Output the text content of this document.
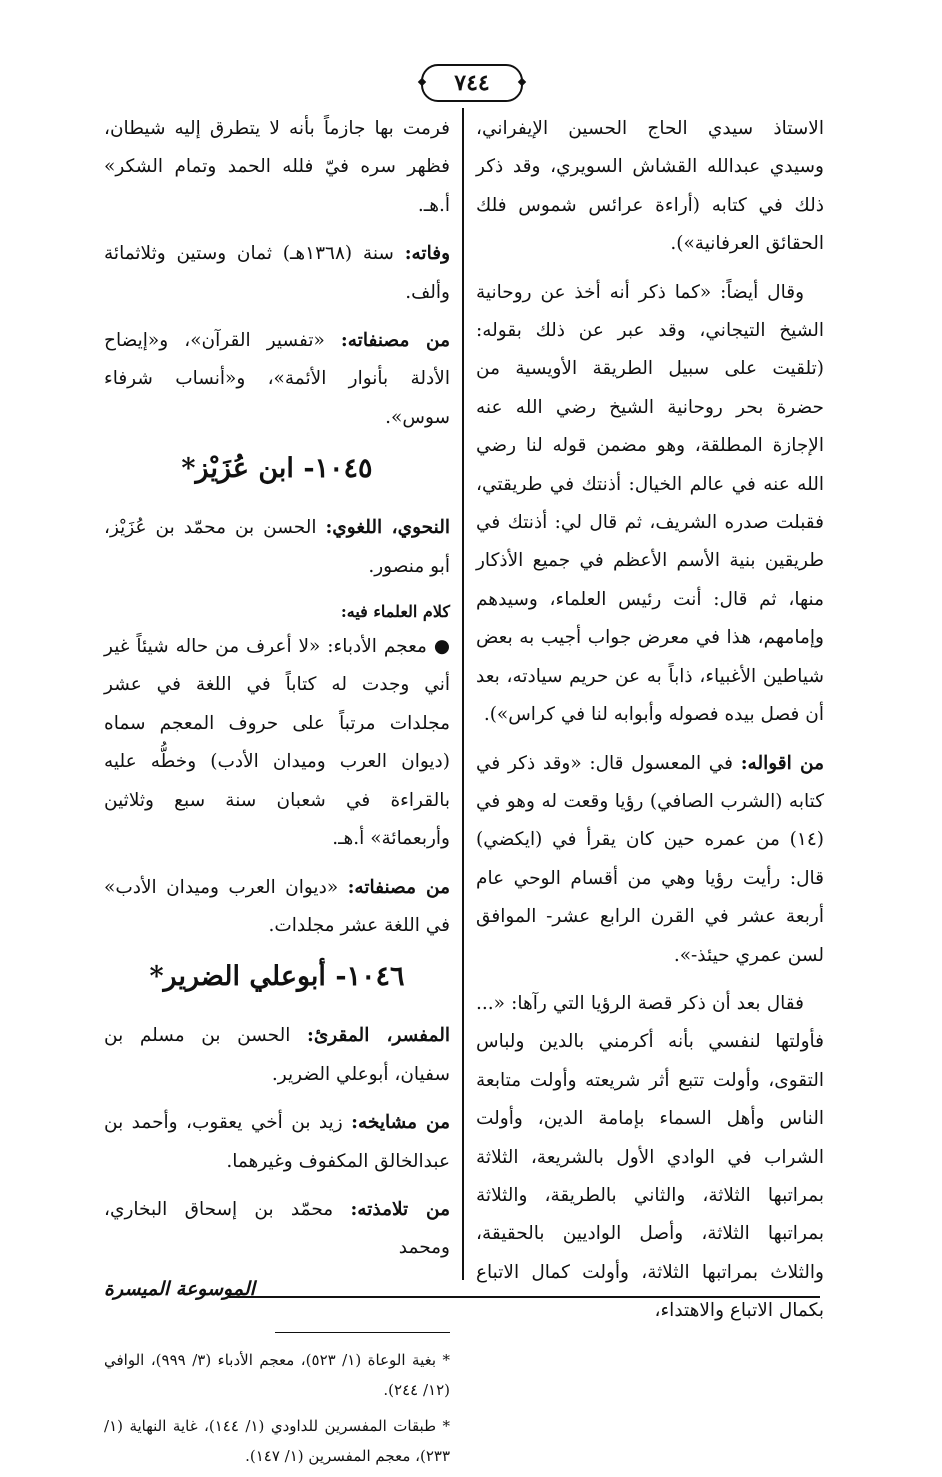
٧٤٤

الاستاذ سيدي الحاج الحسين الإيفراني، وسيدي عبدالله القشاش السويري، وقد ذكر ذلك في كتابه (أراءة عرائس شموس فلك الحقائق العرفانية»).

وقال أيضاً: «كما ذكر أنه أخذ عن روحانية الشيخ التيجاني، وقد عبر عن ذلك بقوله: (تلقيت على سبيل الطريقة الأويسية من حضرة بحر روحانية الشيخ رضي الله عنه الإجازة المطلقة، وهو مضمن قوله لنا رضي الله عنه في عالم الخيال: أذنتك في طريقتي، فقبلت صدره الشريف، ثم قال لي: أذنتك في طريقين بنية الأسم الأعظم في جميع الأذكار منها، ثم قال: أنت رئيس العلماء، وسيدهم وإمامهم، هذا في معرض جواب أجيب به بعض شياطين الأغبياء، ذاباً به عن حريم سيادته، بعد أن فصل بيده فصوله وأبوابه لنا في كراس»).

من اقواله: في المعسول قال: «وقد ذكر في كتابه (الشرب الصافي) رؤيا وقعت له وهو في (١٤) من عمره حين كان يقرأ في (ايكضي) قال: رأيت رؤيا وهي من أقسام الوحي عام أربعة عشر في القرن الرابع عشر- الموافق لسن عمري حيئذ-».

فقال بعد أن ذكر قصة الرؤيا التي رآها: «... فأولتها لنفسي بأنه أكرمني بالدين ولباس التقوى، وأولت تتبع أثر شريعته وأولت متابعة الناس وأهل السماء بإمامة الدين، وأولت الشراب في الوادي الأول بالشريعة، الثلاثة بمراتبها الثلاثة، والثاني بالطريقة، والثلاثة بمراتبها الثلاثة، وأصل الواديين بالحقيقة، والثلاث بمراتبها الثلاثة، وأولت كمال الاتباع بكمال الاتباع والاهتداء،

فرمت بها جازماً بأنه لا يتطرق إليه شيطان، فظهر سره فيّ فلله الحمد وتمام الشكر» أ.هـ.

وفاته: سنة (١٣٦٨هـ) ثمان وستين وثلاثمائة وألف.

من مصنفاته: «تفسير القرآن»، و«إيضاح الأدلة بأنوار الأئمة»، و«أنساب شرفاء سوس».

١٠٤٥- ابن عُزَيْز*

النحوي، اللغوي: الحسن بن محمّد بن عُزَيْز، أبو منصور.

كلام العلماء فيه:

● معجم الأدباء: «لا أعرف من حاله شيئاً غير أني وجدت له كتاباً في اللغة في عشر مجلدات مرتباً على حروف المعجم سماه (ديوان العرب وميدان الأدب) وخطُّه عليه بالقراءة في شعبان سنة سبع وثلاثين وأربعمائة» أ.هـ.

من مصنفاته: «ديوان العرب وميدان الأدب» في اللغة عشر مجلدات.

١٠٤٦- أبوعلي الضرير*

المفسر، المقرئ: الحسن بن مسلم بن سفيان، أبوعلي الضرير.

من مشايخه: زيد بن أخي يعقوب، وأحمد بن عبدالخالق المكفوف وغيرهما.

من تلامذته: محمّد بن إسحاق البخاري، ومحمد

* بغية الوعاة (١/ ٥٢٣)، معجم الأدباء (٣/ ٩٩٩)، الوافي (١٢/ ٢٤٤).

* طبقات المفسرين للداودي (١/ ١٤٤)، غاية النهاية (١/ ٢٣٣)، معجم المفسرين (١/ ١٤٧).

الموسوعة الميسرة
